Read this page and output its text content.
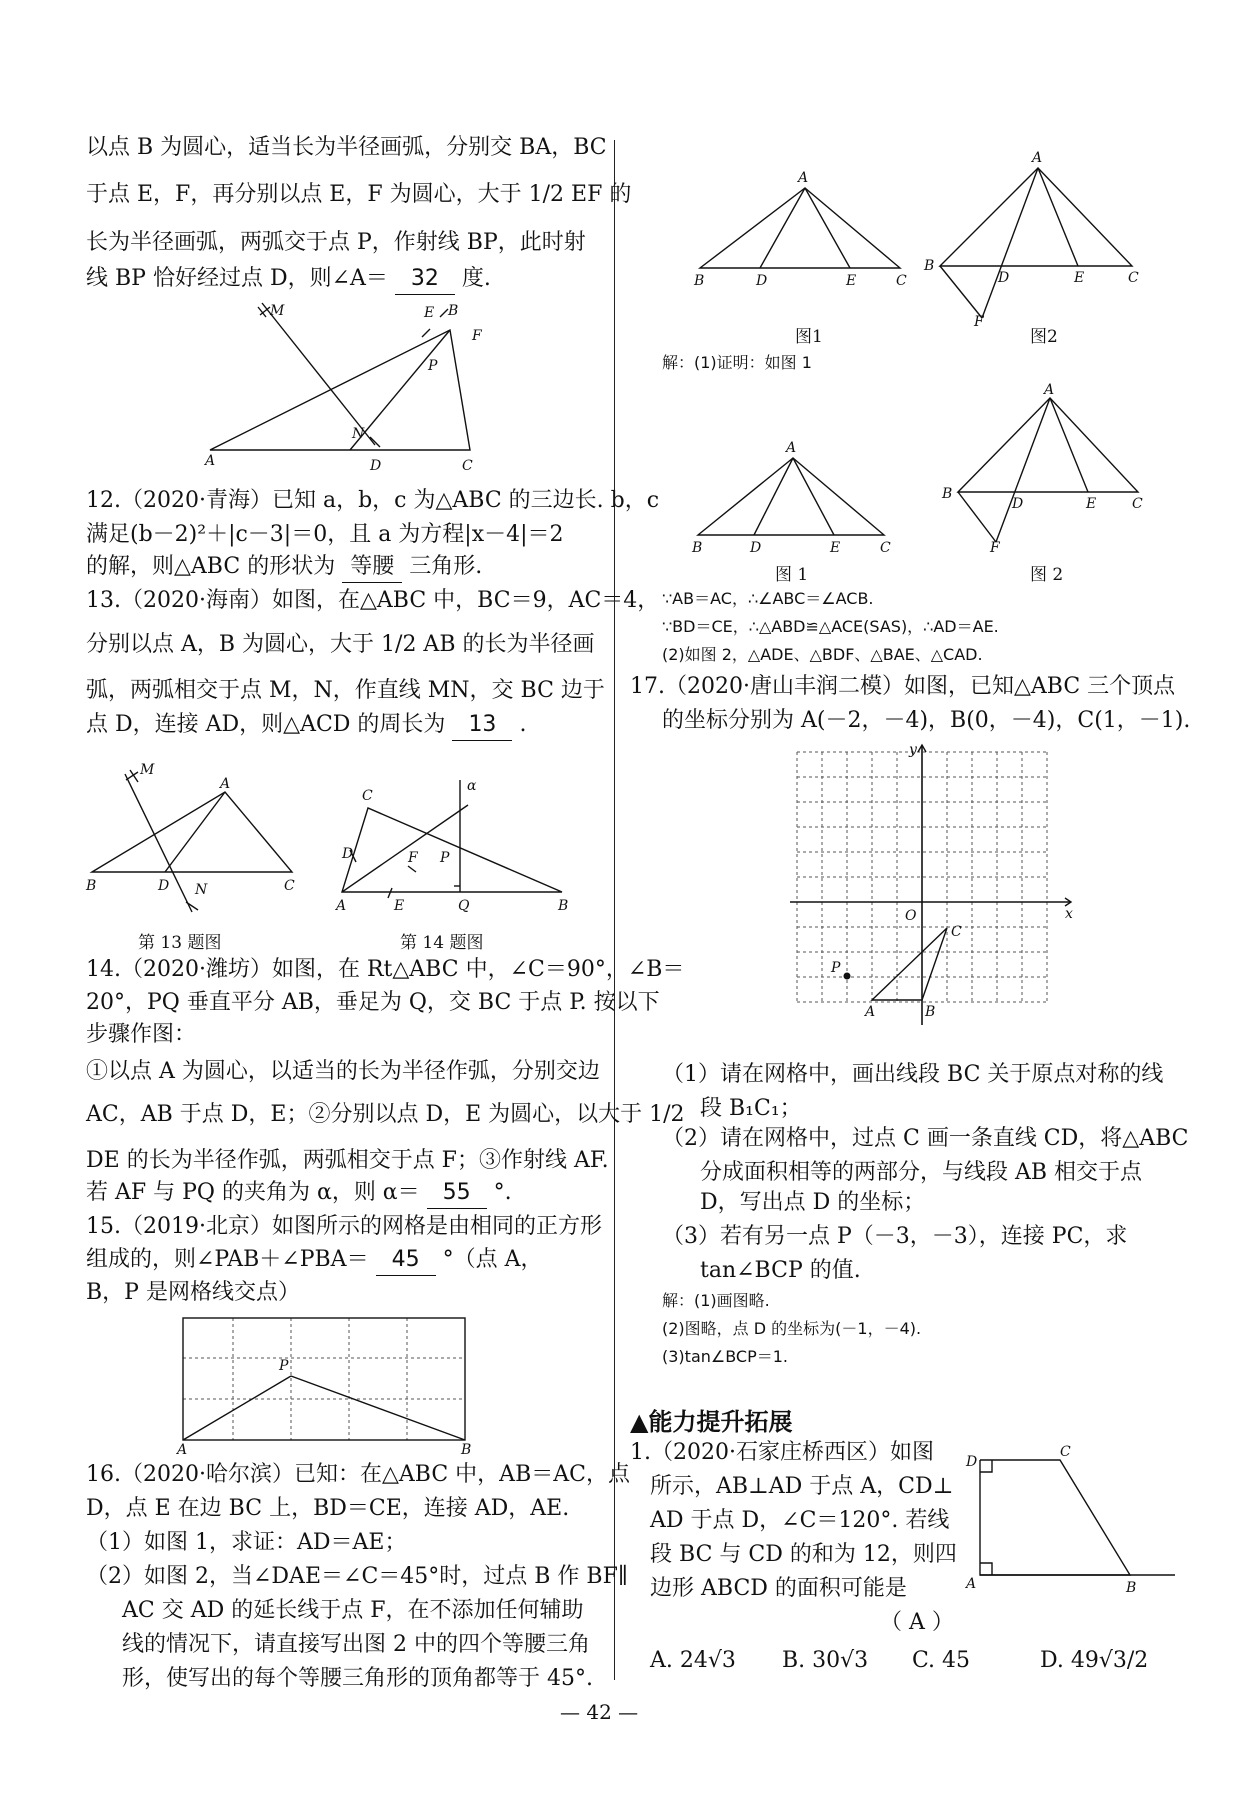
以点 B 为圆心，适当长为半径画弧，分别交 BA，BC
于点 E，F，再分别以点 E，F 为圆心，大于 1/2 EF 的
长为半径画弧，两弧交于点 P，作射线 BP，此时射
线 BP 恰好经过点 D，则∠A＝ 32 度.
M
N
A	D	C
E B
F
P
12.（2020·青海）已知 a，b，c 为△ABC 的三边长. b，c
满足(b－2)²＋|c－3|＝0，且 a 为方程|x－4|＝2
的解，则△ABC 的形状为 等腰 三角形.
13.（2020·海南）如图，在△ABC 中，BC＝9，AC＝4，
分别以点 A，B 为圆心，大于 1/2 AB 的长为半径画
弧，两弧相交于点 M，N，作直线 MN，交 BC 边于
点 D，连接 AD，则△ACD 的周长为 13 .
M
A
B	D N	C
第 13 题图
C
D	F P
α
A	E	Q	B
第 14 题图
14.（2020·潍坊）如图，在 Rt△ABC 中，∠C＝90°，∠B＝
20°，PQ 垂直平分 AB，垂足为 Q，交 BC 于点 P. 按以下
步骤作图：
①以点 A 为圆心，以适当的长为半径作弧，分别交边
AC，AB 于点 D，E；②分别以点 D，E 为圆心，以大于 1/2
DE 的长为半径作弧，两弧相交于点 F；③作射线 AF.
若 AF 与 PQ 的夹角为 α，则 α＝ 55 °.
15.（2019·北京）如图所示的网格是由相同的正方形
组成的，则∠PAB＋∠PBA＝ 45 °（点 A，
B，P 是网格线交点）
P
A	B
16.（2020·哈尔滨）已知：在△ABC 中，AB＝AC，点
D，点 E 在边 BC 上，BD＝CE，连接 AD，AE.
（1）如图 1，求证：AD＝AE；
（2）如图 2，当∠DAE＝∠C＝45°时，过点 B 作 BF∥
AC 交 AD 的延长线于点 F，在不添加任何辅助
线的情况下，请直接写出图 2 中的四个等腰三角
形，使写出的每个等腰三角形的顶角都等于 45°.
A
B	D	E	C
A
B
D	E	C
F
图1	图2
解：(1)证明：如图 1
A
B	D	E	C
A
B
D	E	C
F
图 1	图 2
∵AB＝AC，∴∠ABC＝∠ACB.
∵BD＝CE，∴△ABD≌△ACE(SAS)，∴AD＝AE.
(2)如图 2，△ADE、△BDF、△BAE、△CAD.
17.（2020·唐山丰润二模）如图，已知△ABC 三个顶点
的坐标分别为 A(－2，－4)，B(0，－4)，C(1，－1).
y
x
O
C
A	B
P
（1）请在网格中，画出线段 BC 关于原点对称的线
段 B₁C₁；
（2）请在网格中，过点 C 画一条直线 CD，将△ABC
分成面积相等的两部分，与线段 AB 相交于点
D，写出点 D 的坐标；
（3）若有另一点 P（－3，－3），连接 PC，求
tan∠BCP 的值.
解：(1)画图略.
(2)图略，点 D 的坐标为(－1，－4).
(3)tan∠BCP＝1.
▲能力提升拓展
1.（2020·石家庄桥西区）如图
所示，AB⊥AD 于点 A，CD⊥
AD 于点 D，∠C＝120°. 若线
段 BC 与 CD 的和为 12，则四
边形 ABCD 的面积可能是
（ A ）
D
C
A	B
A. 24√3 B. 30√3 C. 45	D. 49√3/2
— 42 —
